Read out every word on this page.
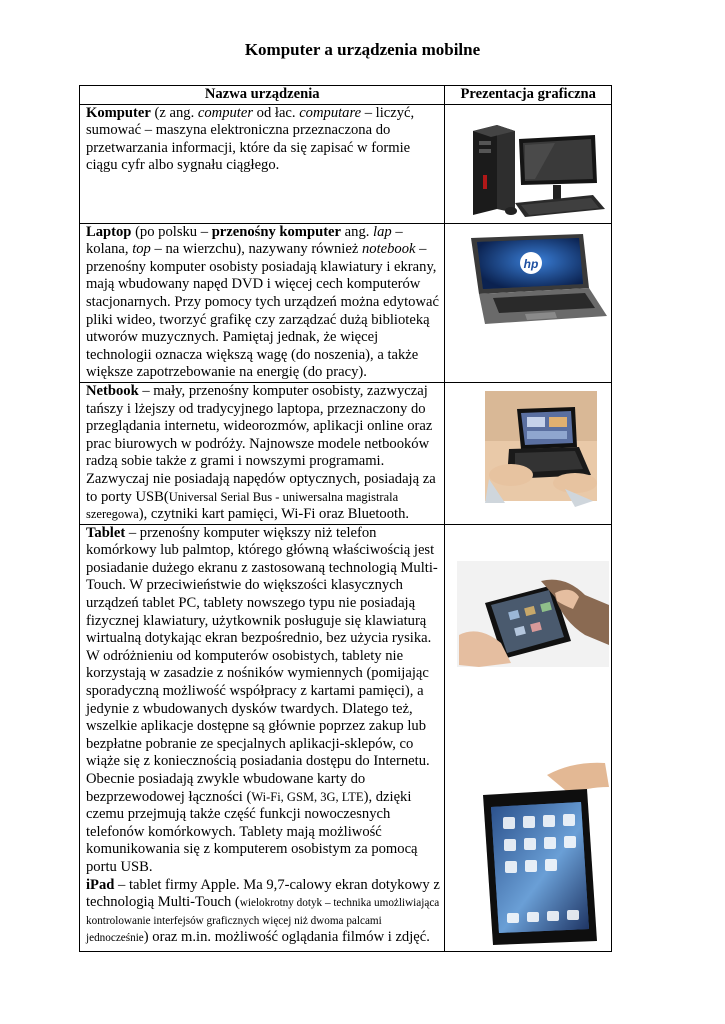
Komputer a urządzenia mobilne
Nazwa urządzenia	Prezentacja graficzna
Komputer (z ang. computer od łac. computare – liczyć, sumować – maszyna elektroniczna przeznaczona do przetwarzania informacji, które da się zapisać w formie ciągu cyfr albo sygnału ciągłego.	

Laptop (po polsku – przenośny komputer ang. lap – kolana, top – na wierzchu), nazywany również notebook – przenośny komputer osobisty posiadają klawiatury i ekrany, mają wbudowany napęd DVD i więcej cech komputerów stacjonarnych. Przy pomocy tych urządzeń można edytować pliki wideo, tworzyć grafikę czy zarządzać dużą biblioteką utworów muzycznych. Pamiętaj jednak, że więcej technologii oznacza większą wagę (do noszenia), a także większe zapotrzebowanie na energię (do pracy).	hp

Netbook – mały, przenośny komputer osobisty, zazwyczaj tańszy i lżejszy od tradycyjnego laptopa, przeznaczony do przeglądania internetu, wideorozmów, aplikacji online oraz prac biurowych w podróży. Najnowsze modele netbooków radzą sobie także z grami i nowszymi programami. Zazwyczaj nie posiadają napędów optycznych, posiadają za to porty USB(Universal Serial Bus - uniwersalna magistrala szeregowa), czytniki kart pamięci, Wi-Fi oraz Bluetooth.	

Tablet – przenośny komputer większy niż telefon komórkowy lub palmtop, którego główną właściwością jest posiadanie dużego ekranu z zastosowaną technologią Multi-Touch. W przeciwieństwie do większości klasycznych urządzeń tablet PC, tablety nowszego typu nie posiadają fizycznej klawiatury, użytkownik posługuje się klawiaturą wirtualną dotykając ekran bezpośrednio, bez użycia rysika. W odróżnieniu od komputerów osobistych, tablety nie korzystają w zasadzie z nośników wymiennych (pomijając sporadyczną możliwość współpracy z kartami pamięci), a jedynie z wbudowanych dysków twardych. Dlatego też, wszelkie aplikacje dostępne są głównie poprzez zakup lub bezpłatne pobranie ze specjalnych aplikacji-sklepów, co wiąże się z koniecznością posiadania dostępu do Internetu. Obecnie posiadają zwykle wbudowane karty do bezprzewodowej łączności (Wi-Fi, GSM, 3G, LTE), dzięki czemu przejmują także część funkcji nowoczesnych telefonów komórkowych. Tablety mają możliwość komunikowania się z komputerem osobistym za pomocą portu USB.
iPad – tablet firmy Apple. Ma 9,7-calowy ekran dotykowy z technologią Multi-Touch (wielokrotny dotyk – technika umożliwiająca kontrolowanie interfejsów graficznych więcej niż dwoma palcami jednocześnie) oraz m.in. możliwość oglądania filmów i zdjęć.	
